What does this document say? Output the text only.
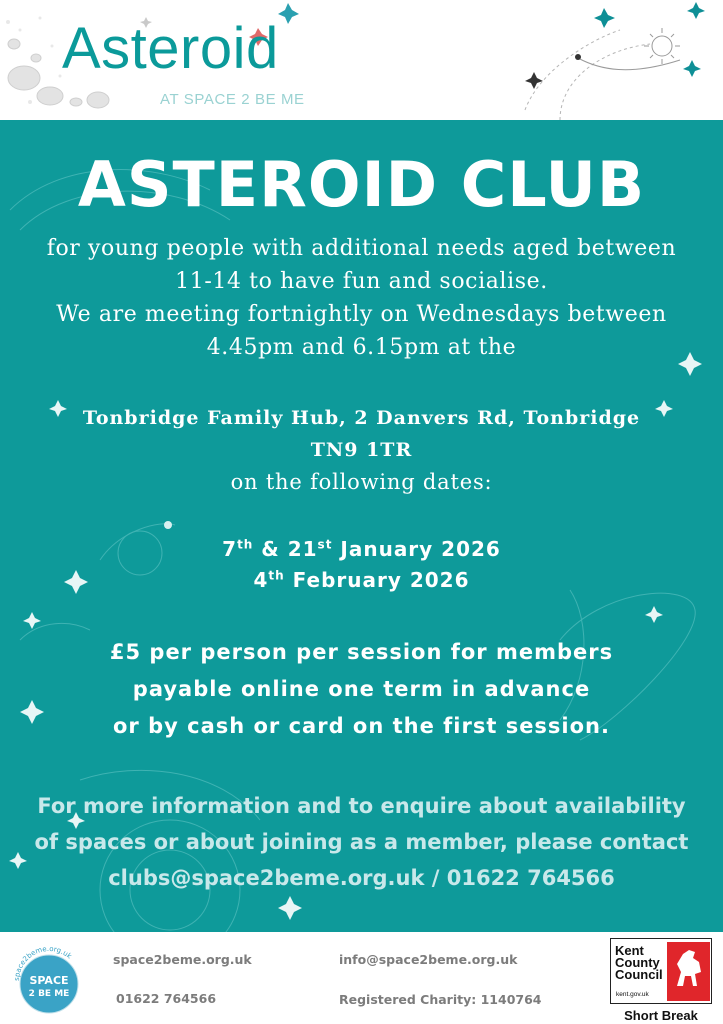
Asteroid
AT SPACE 2 BE ME
ASTEROID CLUB
for young people with additional needs aged between
11-14 to have fun and socialise.
We are meeting fortnightly on Wednesdays between
4.45pm and 6.15pm at the
Tonbridge Family Hub, 2 Danvers Rd, Tonbridge
TN9 1TR
on the following dates:
7th & 21st January 2026
4th February 2026
£5 per person per session for members
payable online one term in advance
or by cash or card on the first session.
For more information and to enquire about availability
of spaces or about joining as a member, please contact
clubs@space2beme.org.uk / 01622 764566
space2beme.org.uk
SPACE
2 BE ME
space2beme.org.uk
01622 764566
info@space2beme.org.uk
Registered Charity: 1140764
Kent
County
Council
kent.gov.uk
Short Break
